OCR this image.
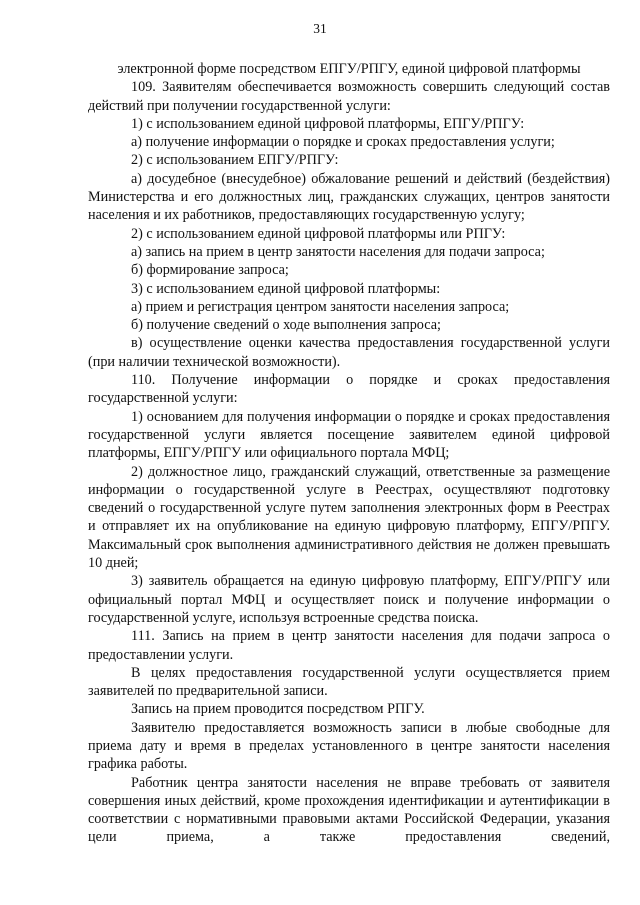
31

электронной форме посредством ЕПГУ/РПГУ, единой цифровой платформы

109. Заявителям обеспечивается возможность совершить следующий состав действий при получении государственной услуги:

1) с использованием единой цифровой платформы, ЕПГУ/РПГУ:

а) получение информации о порядке и сроках предоставления услуги;

2) с использованием ЕПГУ/РПГУ:

а) досудебное (внесудебное) обжалование решений и действий (бездействия) Министерства и его должностных лиц, гражданских служащих, центров занятости населения и их работников, предоставляющих государственную услугу;

2) с использованием единой цифровой платформы или РПГУ:

а) запись на прием в центр занятости населения для подачи запроса;

б) формирование запроса;

3) с использованием единой цифровой платформы:

а) прием и регистрация центром занятости населения запроса;

б) получение сведений о ходе выполнения запроса;

в) осуществление оценки качества предоставления государственной услуги (при наличии технической возможности).

110. Получение информации о порядке и сроках предоставления государственной услуги:

1) основанием для получения информации о порядке и сроках предоставления государственной услуги является посещение заявителем единой цифровой платформы, ЕПГУ/РПГУ или официального портала МФЦ;

2) должностное лицо, гражданский служащий, ответственные за размещение информации о государственной услуге в Реестрах, осуществляют подготовку сведений о государственной услуге путем заполнения электронных форм в Реестрах и отправляет их на опубликование на единую цифровую платформу, ЕПГУ/РПГУ. Максимальный срок выполнения административного действия не должен превышать 10 дней;

3) заявитель обращается на единую цифровую платформу, ЕПГУ/РПГУ или официальный портал МФЦ и осуществляет поиск и получение информации о государственной услуге, используя встроенные средства поиска.

111. Запись на прием в центр занятости населения для подачи запроса о предоставлении услуги.

В целях предоставления государственной услуги осуществляется прием заявителей по предварительной записи.

Запись на прием проводится посредством РПГУ.

Заявителю предоставляется возможность записи в любые свободные для приема дату и время в пределах установленного в центре занятости населения графика работы.

Работник центра занятости населения не вправе требовать от заявителя совершения иных действий, кроме прохождения идентификации и аутентификации в соответствии с нормативными правовыми актами Российской Федерации, указания цели приема, а также предоставления сведений,
